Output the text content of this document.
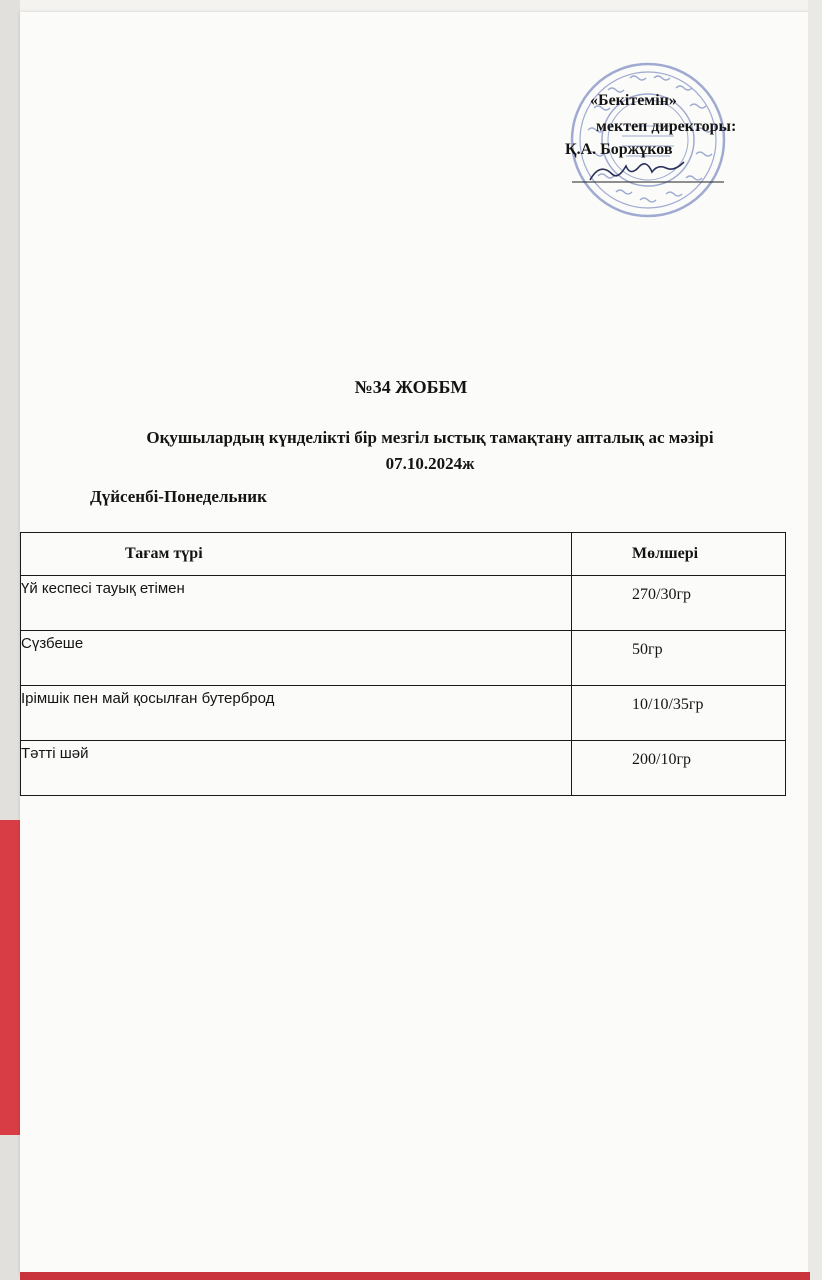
«Бекітемін»
мектеп директоры:
Қ.А. Боржұков
№34 ЖОББМ
Оқушылардың күнделікті бір мезгіл ыстық тамақтану апталық ас мәзірі
07.10.2024ж
Дүйсенбі-Понедельник
Тағам түрі	Мөлшері
Үй кеспесі тауық етімен	270/30гр
Сүзбеше	50гр
Ірімшік пен май қосылған бутерброд	10/10/35гр
Тәтті шәй	200/10гр
